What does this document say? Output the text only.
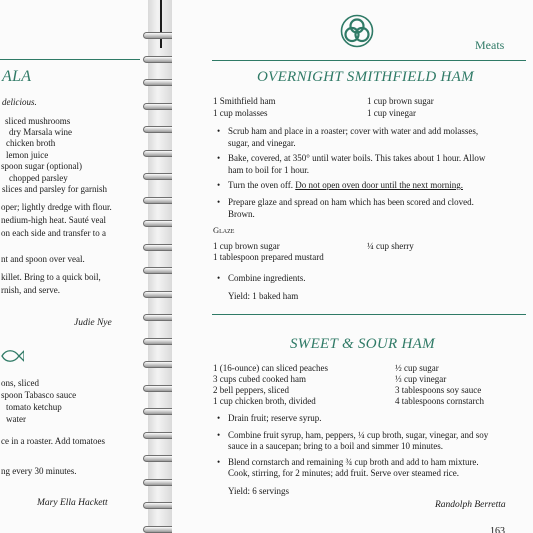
ALA
delicious.
sliced mushrooms
dry Marsala wine
chicken broth
lemon juice
spoon sugar (optional)
chopped parsley
slices and parsley for garnish
oper; lightly dredge with flour.
nedium-high heat. Sauté veal
on each side and transfer to a
nt and spoon over veal.
killet. Bring to a quick boil,
rnish, and serve.
Judie Nye
ons, sliced
spoon Tabasco sauce
tomato ketchup
water
ce in a roaster. Add tomatoes
ng every 30 minutes.
Mary Ella Hackett
Meats
OVERNIGHT SMITHFIELD HAM
1 Smithfield ham
1 cup molasses
1 cup brown sugar
1 cup vinegar
• Scrub ham and place in a roaster; cover with water and add molasses,
sugar, and vinegar.
• Bake, covered, at 350° until water boils. This takes about 1 hour. Allow
ham to boil for 1 hour.
• Turn the oven off. Do not open oven door until the next morning.
• Prepare glaze and spread on ham which has been scored and cloved.
Brown.
Glaze
1 cup brown sugar
1 tablespoon prepared mustard
¼ cup sherry
• Combine ingredients.
Yield: 1 baked ham
SWEET & SOUR HAM
1 (16-ounce) can sliced peaches
3 cups cubed cooked ham
2 bell peppers, sliced
1 cup chicken broth, divided
½ cup sugar
⅓ cup vinegar
3 tablespoons soy sauce
4 tablespoons cornstarch
• Drain fruit; reserve syrup.
• Combine fruit syrup, ham, peppers, ¼ cup broth, sugar, vinegar, and soy
sauce in a saucepan; bring to a boil and simmer 10 minutes.
• Blend cornstarch and remaining ¾ cup broth and add to ham mixture.
Cook, stirring, for 2 minutes; add fruit. Serve over steamed rice.
Yield: 6 servings
Randolph Berretta
163
